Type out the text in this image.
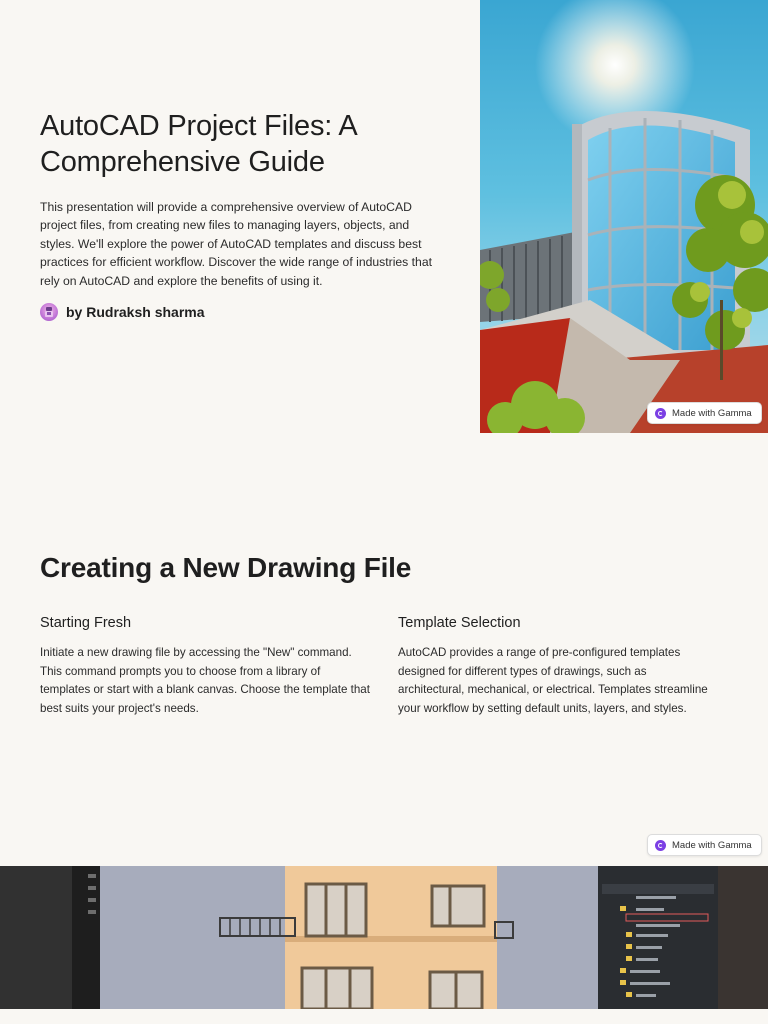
AutoCAD Project Files: A Comprehensive Guide

This presentation will provide a comprehensive overview of AutoCAD project files, from creating new files to managing layers, objects, and styles. We'll explore the power of AutoCAD templates and discuss best practices for efficient workflow. Discover the wide range of industries that rely on AutoCAD and explore the benefits of using it.

by Rudraksh sharma
Made with Gamma
Creating a New Drawing File
Starting Fresh

Initiate a new drawing file by accessing the "New" command. This command prompts you to choose from a library of templates or start with a blank canvas. Choose the template that best suits your project's needs.

Template Selection

AutoCAD provides a range of pre-configured templates designed for different types of drawings, such as architectural, mechanical, or electrical. Templates streamline your workflow by setting default units, layers, and styles.

Made with Gamma
